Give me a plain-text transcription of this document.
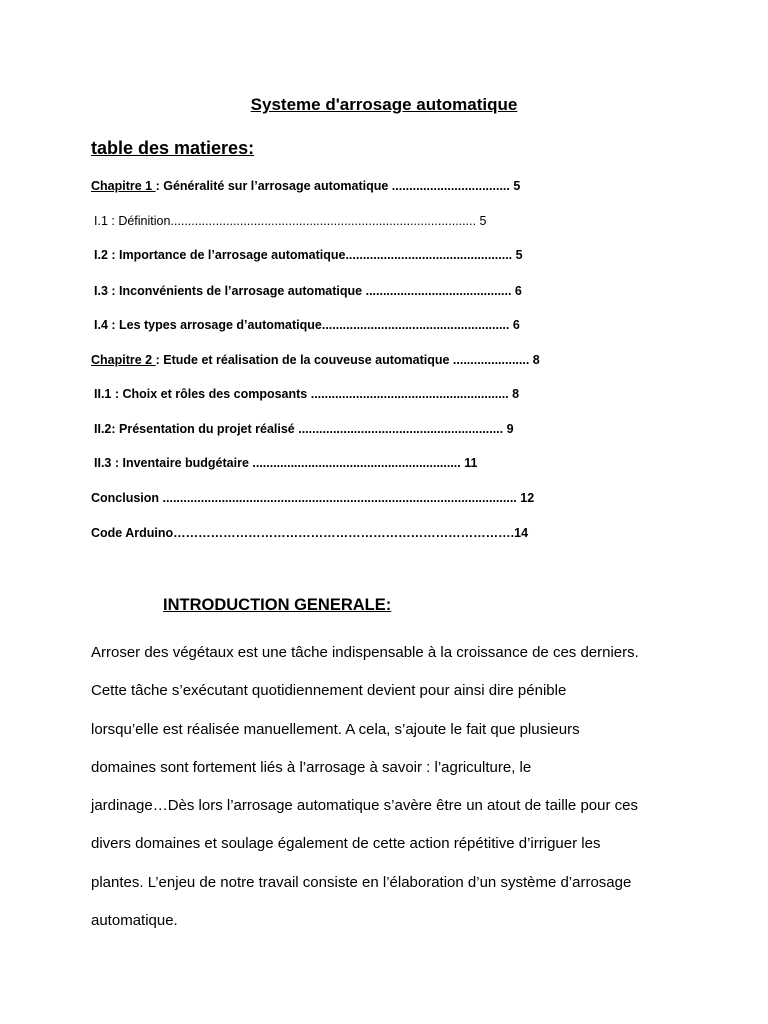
Systeme d'arrosage automatique
table des matieres:
Chapitre 1 : Généralité sur l’arrosage automatique .................................. 5
I.1 : Définition........................................................................................ 5
I.2 : Importance de l’arrosage automatique................................................ 5
I.3 : Inconvénients de l’arrosage automatique .......................................... 6
I.4 : Les types arrosage d’automatique...................................................... 6
Chapitre 2 : Etude et réalisation de la couveuse automatique ...................... 8
II.1 : Choix et rôles des composants ......................................................... 8
II.2: Présentation du projet réalisé ........................................................... 9
II.3 : Inventaire budgétaire ............................................................ 11
Conclusion ...................................................................................................... 12
Code Arduino……………………………………………………………………….14
INTRODUCTION GENERALE:
Arroser des végétaux est une tâche indispensable à la croissance de ces derniers.
Cette tâche s’exécutant quotidiennement devient pour ainsi dire pénible
lorsqu’elle est réalisée manuellement. A cela, s’ajoute le fait que plusieurs
domaines sont fortement liés à l’arrosage à savoir : l’agriculture, le
jardinage…Dès lors l’arrosage automatique s’avère être un atout de taille pour ces
divers domaines et soulage également de cette action répétitive d’irriguer les
plantes. L’enjeu de notre travail consiste en l’élaboration d’un système d’arrosage
automatique.
